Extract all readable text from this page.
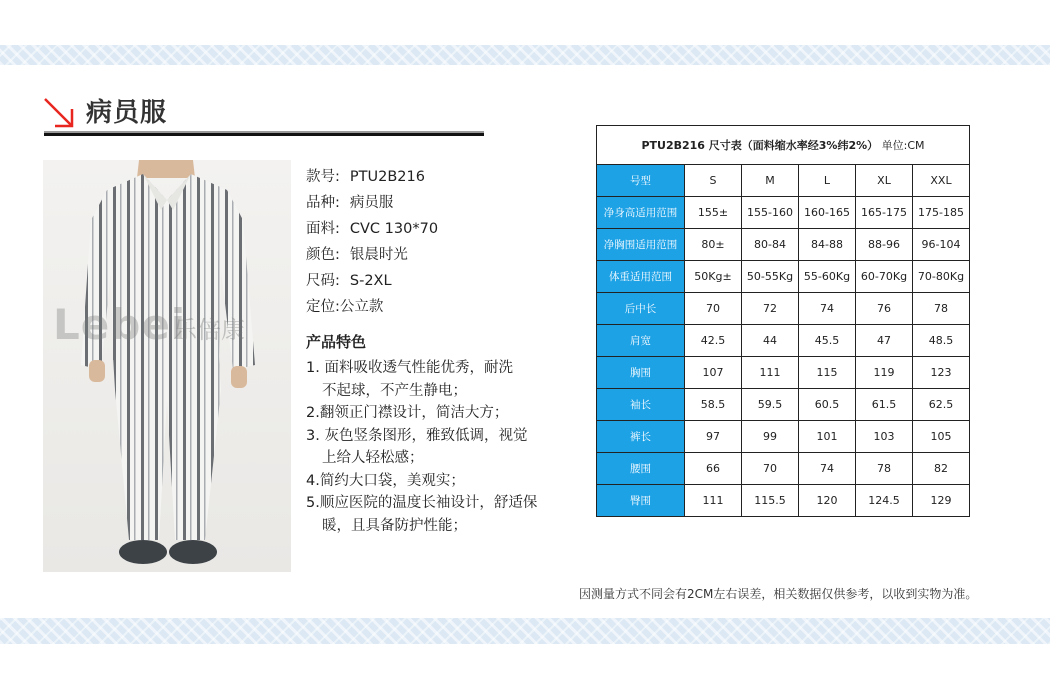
病员服
Lebei
乐倍康
款号: PTU2B216
品种: 病员服
面料: CVC 130*70
颜色: 银晨时光
尺码: S-2XL
定位: 公立款
产品特色
1. 面料吸收透气性能优秀，耐洗
不起球，不产生静电；
2.翻领正门襟设计，简洁大方；
3. 灰色竖条图形，雅致低调，视觉
上给人轻松感；
4.简约大口袋，美观实；
5.顺应医院的温度长袖设计，舒适保
暖，且具备防护性能；
PTU2B216 尺寸表（面料缩水率经3%纬2%） 单位:CM					
号型	S	M	L	XL	XXL
净身高适用范围	155±	155-160	160-165	165-175	175-185
净胸围适用范围	80±	80-84	84-88	88-96	96-104
体重适用范围	50Kg±	50-55Kg	55-60Kg	60-70Kg	70-80Kg
后中长	70	72	74	76	78
肩宽	42.5	44	45.5	47	48.5
胸围	107	111	115	119	123
袖长	58.5	59.5	60.5	61.5	62.5
裤长	97	99	101	103	105
腰围	66	70	74	78	82
臀围	111	115.5	120	124.5	129
因测量方式不同会有2CM左右误差，相关数据仅供参考，以收到实物为准。
